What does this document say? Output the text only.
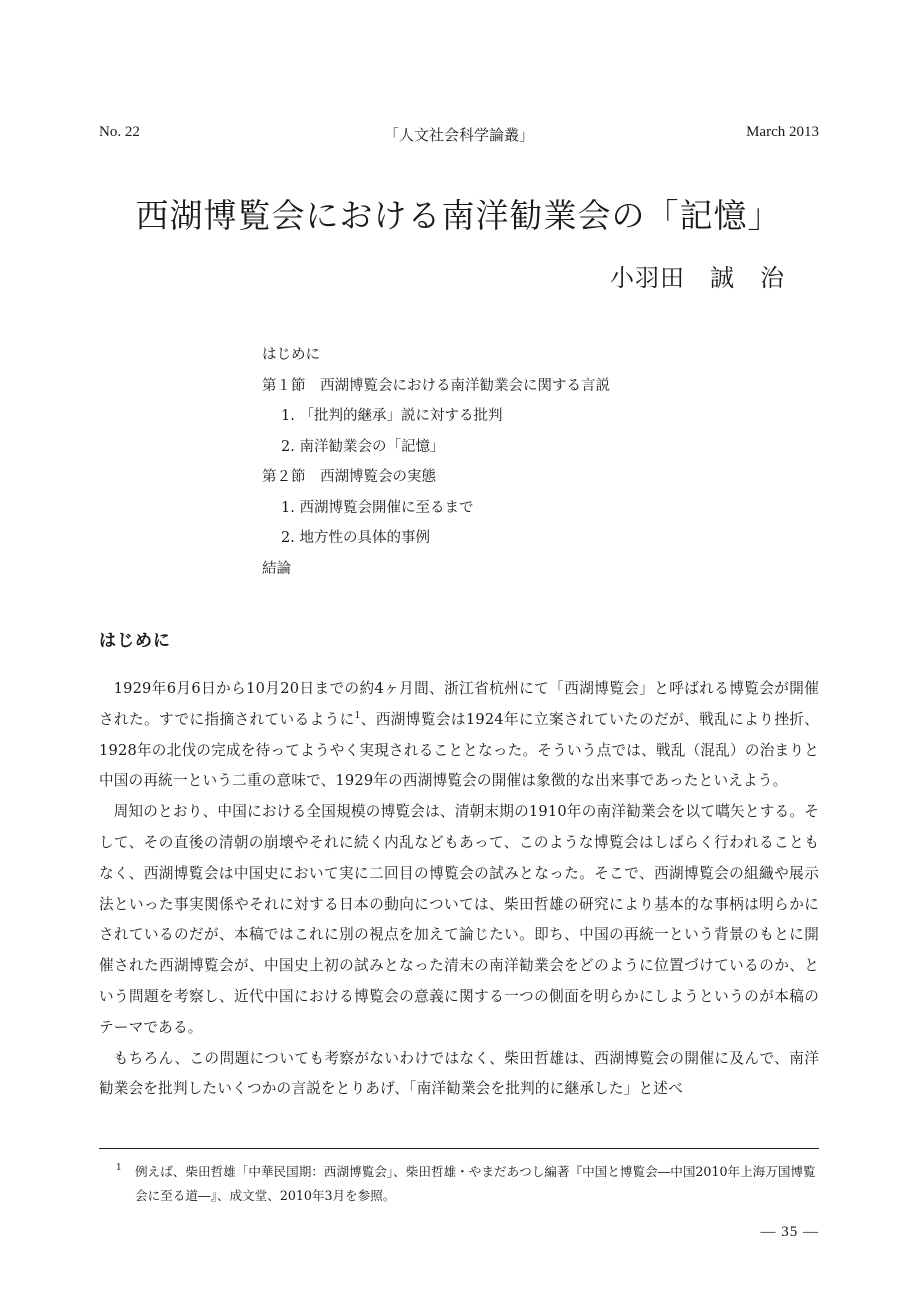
No. 22	「人文社会科学論叢」	March 2013
西湖博覧会における南洋勧業会の「記憶」
小羽田　誠　治
はじめに
第１節　西湖博覧会における南洋勧業会に関する言説
1. 「批判的継承」説に対する批判
2. 南洋勧業会の「記憶」
第２節　西湖博覧会の実態
1. 西湖博覧会開催に至るまで
2. 地方性の具体的事例
結論
はじめに

1929年6月6日から10月20日までの約4ヶ月間、浙江省杭州にて「西湖博覧会」と呼ばれる博覧会が開催された。すでに指摘されているように$^1$、西湖博覧会は1924年に立案されていたのだが、戦乱により挫折、1928年の北伐の完成を待ってようやく実現されることとなった。そういう点では、戦乱（混乱）の治まりと中国の再統一という二重の意味で、1929年の西湖博覧会の開催は象徴的な出来事であったといえよう。

周知のとおり、中国における全国規模の博覧会は、清朝末期の1910年の南洋勧業会を以て嚆矢とする。そして、その直後の清朝の崩壊やそれに続く内乱などもあって、このような博覧会はしばらく行われることもなく、西湖博覧会は中国史において実に二回目の博覧会の試みとなった。そこで、西湖博覧会の組織や展示法といった事実関係やそれに対する日本の動向については、柴田哲雄の研究により基本的な事柄は明らかにされているのだが、本稿ではこれに別の視点を加えて論じたい。即ち、中国の再統一という背景のもとに開催された西湖博覧会が、中国史上初の試みとなった清末の南洋勧業会をどのように位置づけているのか、という問題を考察し、近代中国における博覧会の意義に関する一つの側面を明らかにしようというのが本稿のテーマである。

もちろん、この問題についても考察がないわけではなく、柴田哲雄は、西湖博覧会の開催に及んで、南洋勧業会を批判したいくつかの言説をとりあげ、「南洋勧業会を批判的に継承した」と述べ

1 例えば、柴田哲雄「中華民国期：西湖博覧会」、柴田哲雄・やまだあつし編著『中国と博覧会―中国2010年上海万国博覧会に至る道―』、成文堂、2010年3月を参照。
— 35 —
